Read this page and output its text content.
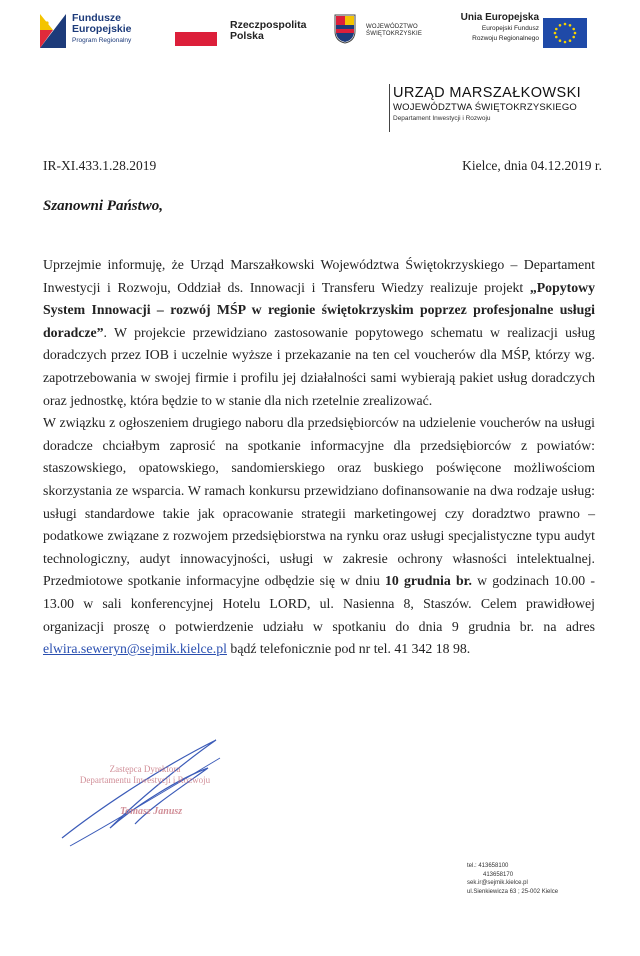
Fundusze
Europejskie
Program Regionalny
Rzeczpospolita
Polska
WOJEWÓDZTWO
ŚWIĘTOKRZYSKIE
Unia Europejska
Europejski Fundusz
Rozwoju Regionalnego
URZĄD MARSZAŁKOWSKI
WOJEWÓDZTWA ŚWIĘTOKRZYSKIEGO
Departament Inwestycji i Rozwoju
IR-XI.433.1.28.2019	Kielce, dnia 04.12.2019 r.
Szanowni Państwo,

Uprzejmie informuję, że Urząd Marszałkowski Województwa Świętokrzyskiego – Departament Inwestycji i Rozwoju, Oddział ds. Innowacji i Transferu Wiedzy realizuje projekt „Popytowy System Innowacji – rozwój MŚP w regionie świętokrzyskim poprzez profesjonalne usługi doradcze”. W projekcie przewidziano zastosowanie popytowego schematu w realizacji usług doradczych przez IOB i uczelnie wyższe i przekazanie na ten cel voucherów dla MŚP, którzy wg. zapotrzebowania w swojej firmie i profilu jej działalności sami wybierają pakiet usług doradczych oraz jednostkę, która będzie to w stanie dla nich rzetelnie zrealizować.

W związku z ogłoszeniem drugiego naboru dla przedsiębiorców na udzielenie voucherów na usługi doradcze chciałbym zaprosić na spotkanie informacyjne dla przedsiębiorców z powiatów: staszowskiego, opatowskiego, sandomierskiego oraz buskiego poświęcone możliwościom skorzystania ze wsparcia. W ramach konkursu przewidziano dofinansowanie na dwa rodzaje usług: usługi standardowe takie jak opracowanie strategii marketingowej czy doradztwo prawno – podatkowe związane z rozwojem przedsiębiorstwa na rynku oraz usługi specjalistyczne typu audyt technologiczny, audyt innowacyjności, usługi w zakresie ochrony własności intelektualnej. Przedmiotowe spotkanie informacyjne odbędzie się w dniu 10 grudnia br. w godzinach 10.00 - 13.00 w sali konferencyjnej Hotelu LORD, ul. Nasienna 8, Staszów. Celem prawidłowej organizacji proszę o potwierdzenie udziału w spotkaniu do dnia 9 grudnia br. na adres elwira.seweryn@sejmik.kielce.pl bądź telefonicznie pod nr tel. 41 342 18 98.

Zastępca Dyrektora
Departamentu Inwestycji i Rozwoju
Tomasz Janusz
tel.: 413658100
413658170
sek.ir@sejmik.kielce.pl
ul.Sienkiewicza 63 ; 25-002 Kielce
